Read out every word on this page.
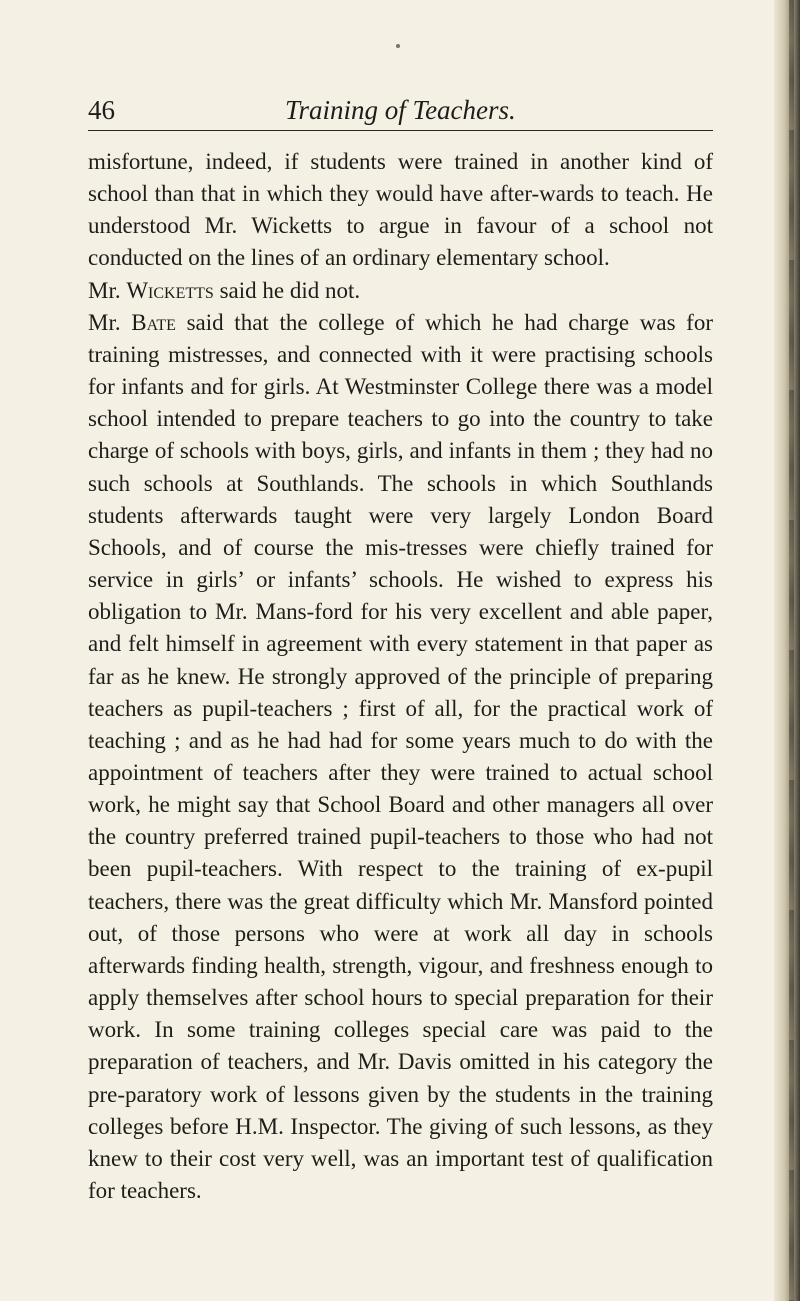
46	Training of Teachers.

misfortune, indeed, if students were trained in another kind of school than that in which they would have after-wards to teach. He understood Mr. Wicketts to argue in favour of a school not conducted on the lines of an ordinary elementary school.

Mr. Wicketts said he did not.

Mr. Bate said that the college of which he had charge was for training mistresses, and connected with it were practising schools for infants and for girls. At Westminster College there was a model school intended to prepare teachers to go into the country to take charge of schools with boys, girls, and infants in them ; they had no such schools at Southlands. The schools in which Southlands students afterwards taught were very largely London Board Schools, and of course the mis-tresses were chiefly trained for service in girls’ or infants’ schools. He wished to express his obligation to Mr. Mans-ford for his very excellent and able paper, and felt himself in agreement with every statement in that paper as far as he knew. He strongly approved of the principle of preparing teachers as pupil-teachers ; first of all, for the practical work of teaching ; and as he had had for some years much to do with the appointment of teachers after they were trained to actual school work, he might say that School Board and other managers all over the country preferred trained pupil-teachers to those who had not been pupil-teachers. With respect to the training of ex-pupil teachers, there was the great difficulty which Mr. Mansford pointed out, of those persons who were at work all day in schools afterwards finding health, strength, vigour, and freshness enough to apply themselves after school hours to special preparation for their work. In some training colleges special care was paid to the preparation of teachers, and Mr. Davis omitted in his category the pre-paratory work of lessons given by the students in the training colleges before H.M. Inspector. The giving of such lessons, as they knew to their cost very well, was an important test of qualification for teachers.
